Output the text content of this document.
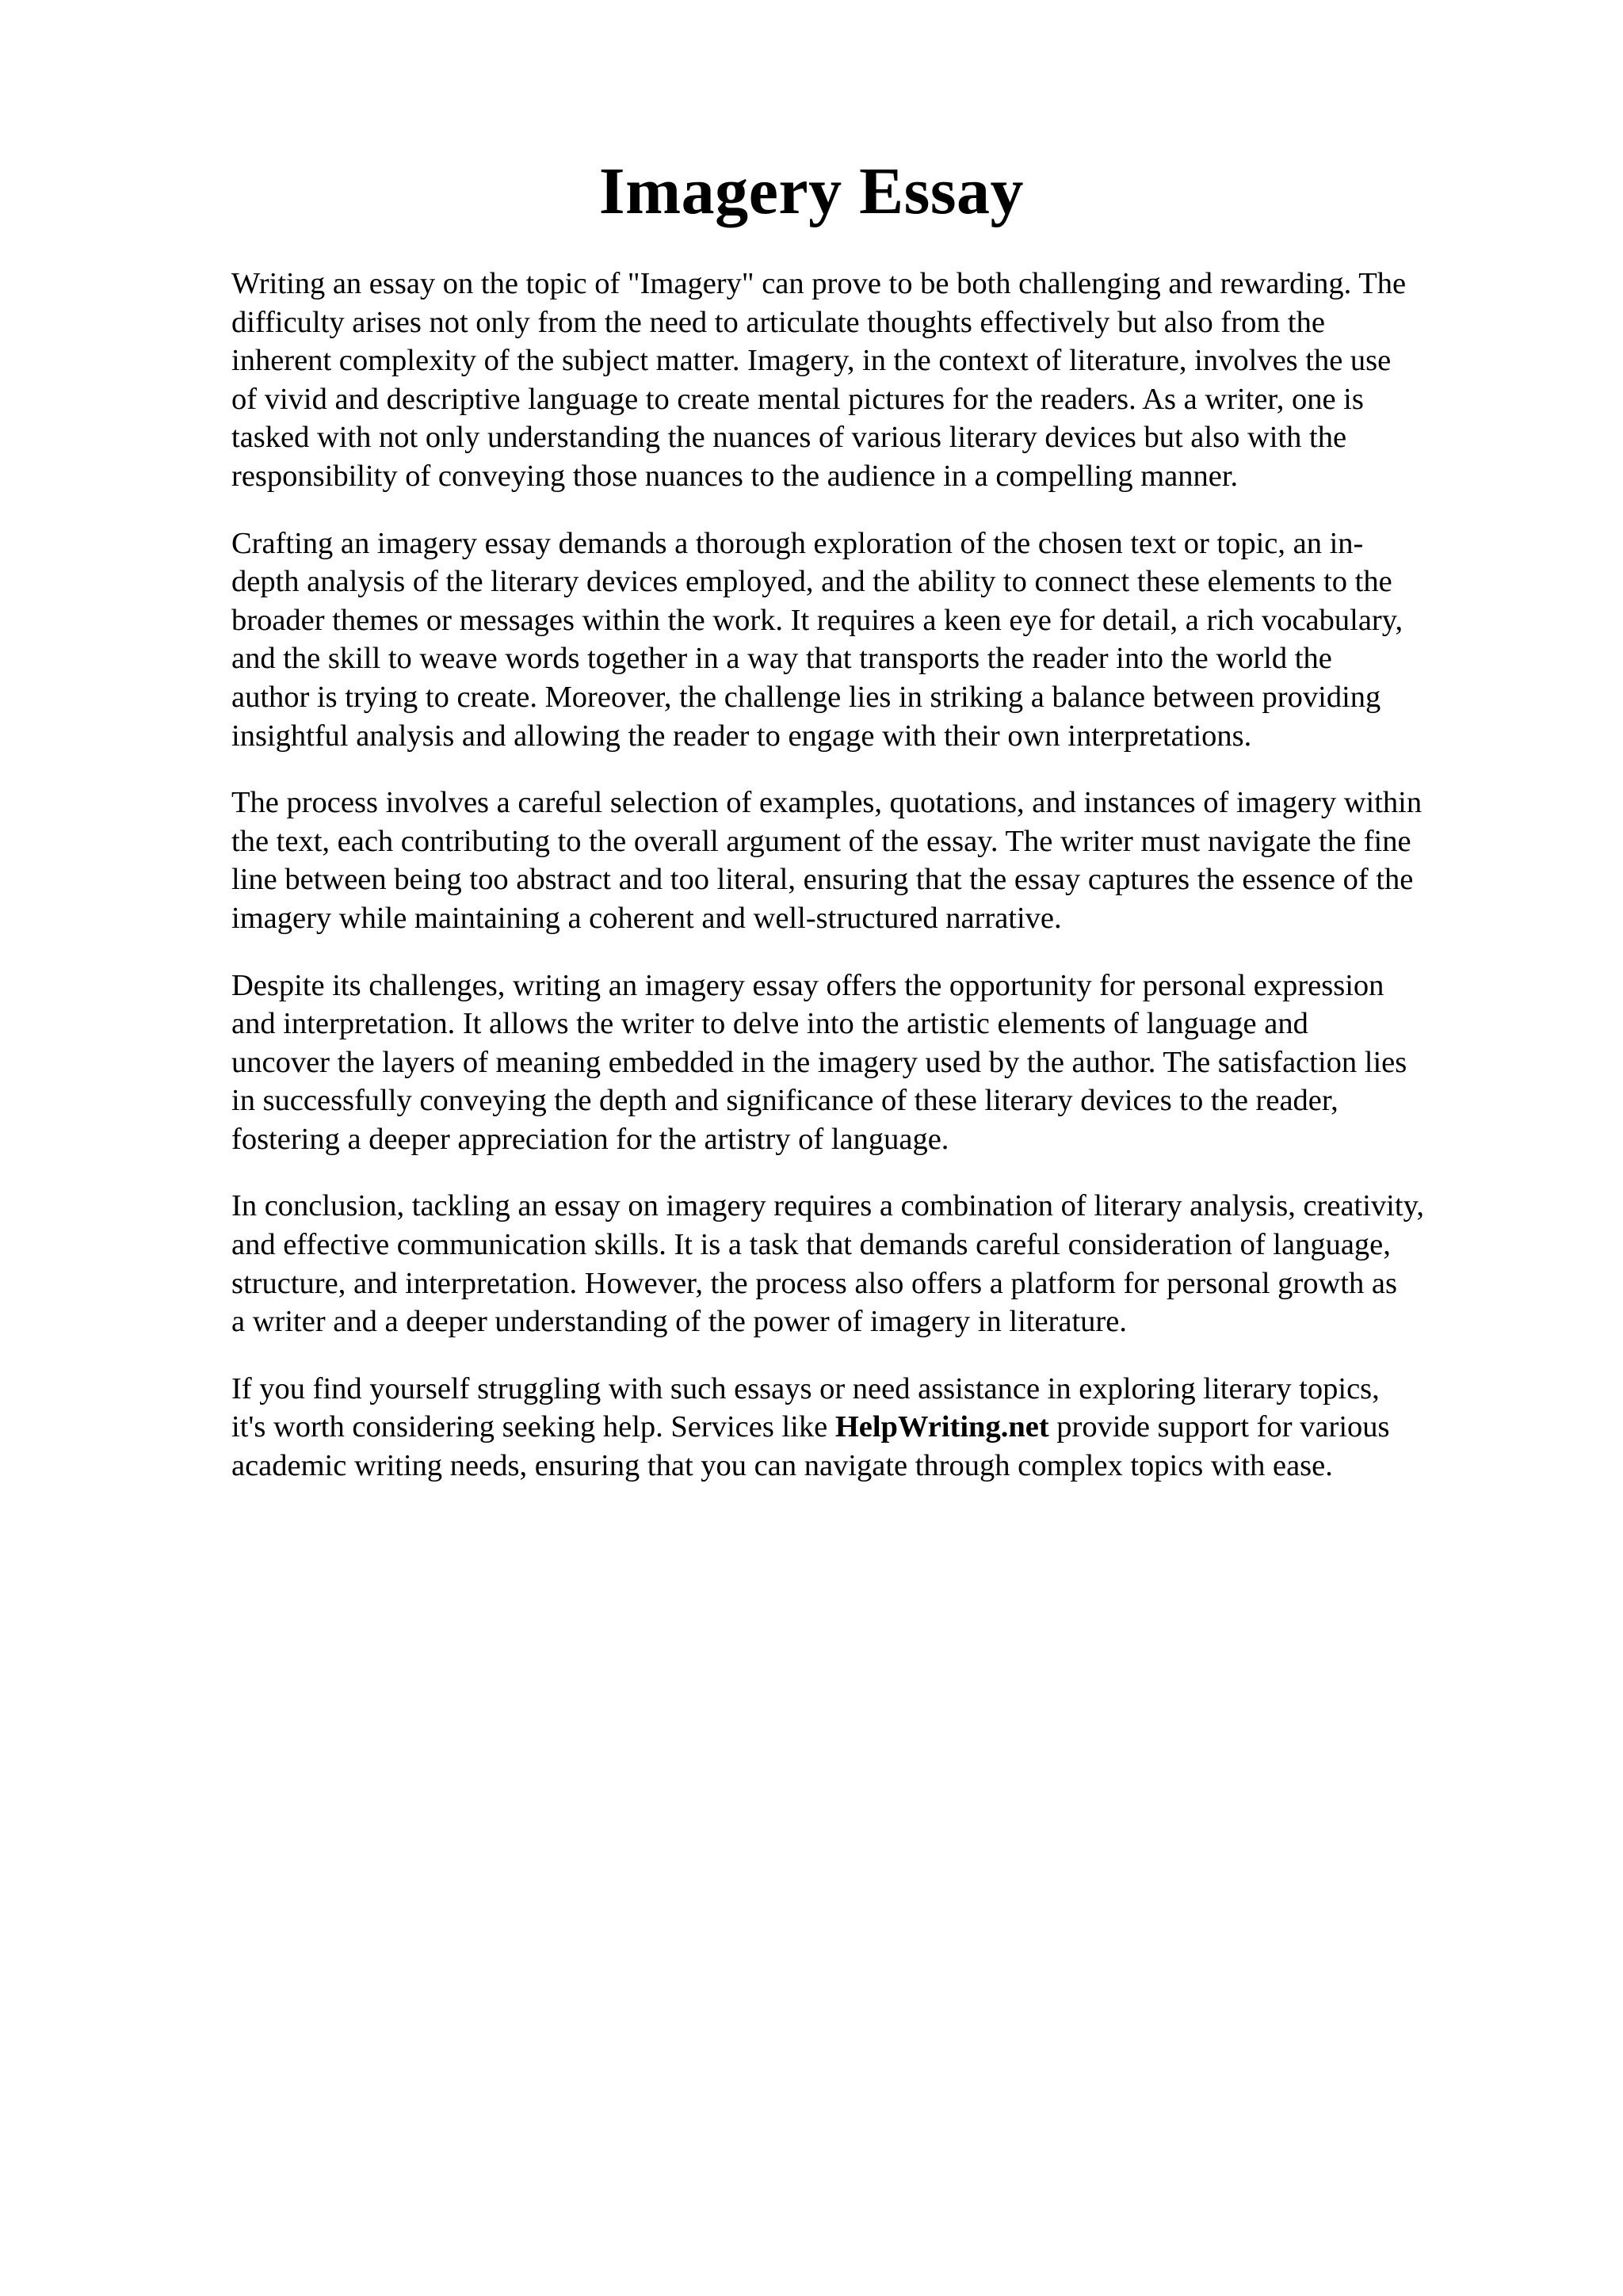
Imagery Essay

Writing an essay on the topic of "Imagery" can prove to be both challenging and rewarding. The
difficulty arises not only from the need to articulate thoughts effectively but also from the
inherent complexity of the subject matter. Imagery, in the context of literature, involves the use
of vivid and descriptive language to create mental pictures for the readers. As a writer, one is
tasked with not only understanding the nuances of various literary devices but also with the
responsibility of conveying those nuances to the audience in a compelling manner.

Crafting an imagery essay demands a thorough exploration of the chosen text or topic, an in-
depth analysis of the literary devices employed, and the ability to connect these elements to the
broader themes or messages within the work. It requires a keen eye for detail, a rich vocabulary,
and the skill to weave words together in a way that transports the reader into the world the
author is trying to create. Moreover, the challenge lies in striking a balance between providing
insightful analysis and allowing the reader to engage with their own interpretations.

The process involves a careful selection of examples, quotations, and instances of imagery within
the text, each contributing to the overall argument of the essay. The writer must navigate the fine
line between being too abstract and too literal, ensuring that the essay captures the essence of the
imagery while maintaining a coherent and well-structured narrative.

Despite its challenges, writing an imagery essay offers the opportunity for personal expression
and interpretation. It allows the writer to delve into the artistic elements of language and
uncover the layers of meaning embedded in the imagery used by the author. The satisfaction lies
in successfully conveying the depth and significance of these literary devices to the reader,
fostering a deeper appreciation for the artistry of language.

In conclusion, tackling an essay on imagery requires a combination of literary analysis, creativity,
and effective communication skills. It is a task that demands careful consideration of language,
structure, and interpretation. However, the process also offers a platform for personal growth as
a writer and a deeper understanding of the power of imagery in literature.

If you find yourself struggling with such essays or need assistance in exploring literary topics,
it's worth considering seeking help. Services like HelpWriting.net provide support for various
academic writing needs, ensuring that you can navigate through complex topics with ease.
